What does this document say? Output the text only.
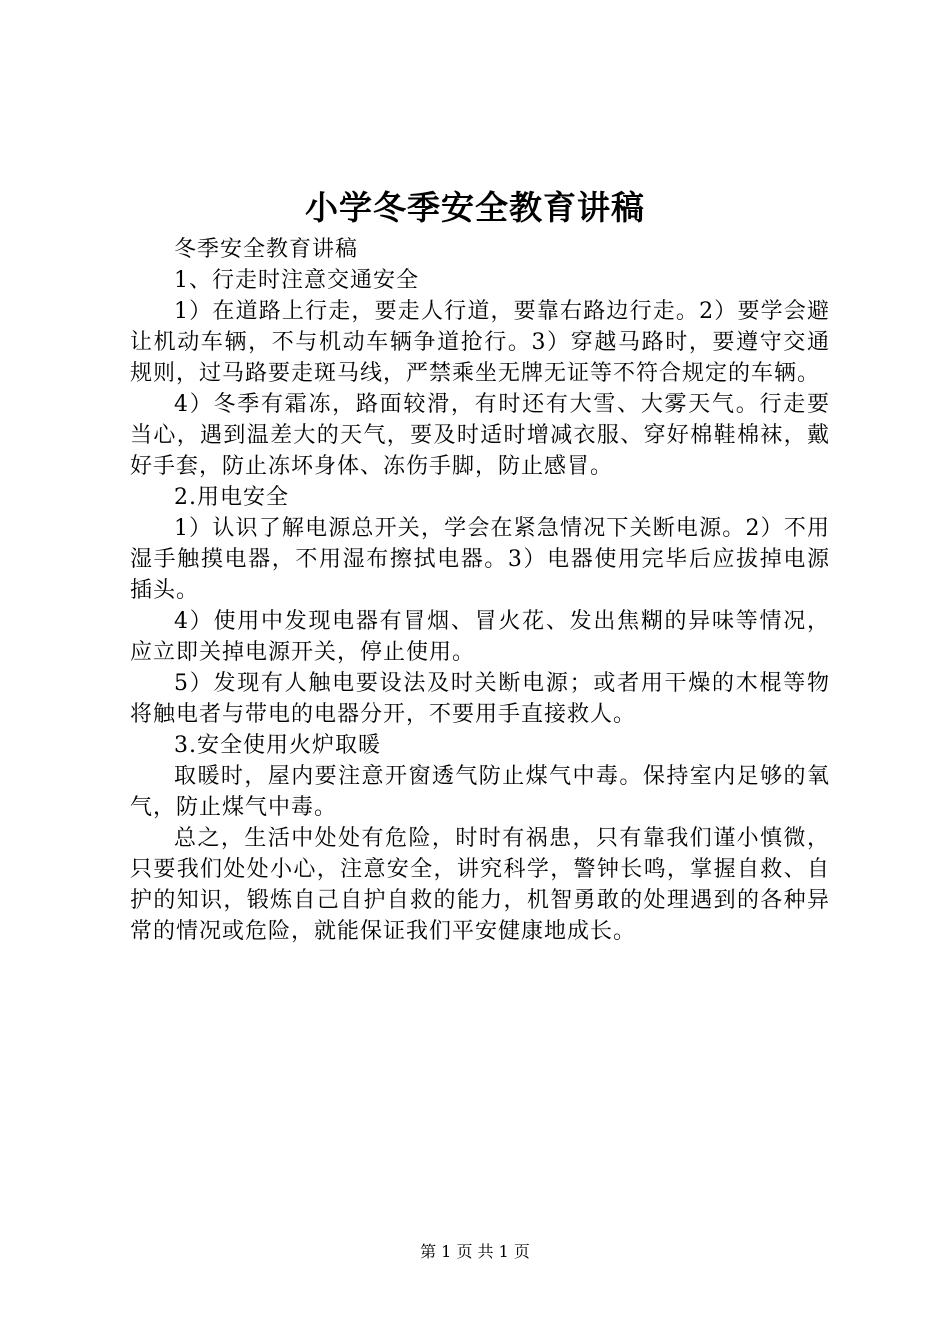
小学冬季安全教育讲稿

冬季安全教育讲稿

1、行走时注意交通安全

1）在道路上行走，要走人行道，要靠右路边行走。2）要学会避让机动车辆，不与机动车辆争道抢行。3）穿越马路时，要遵守交通规则，过马路要走斑马线，严禁乘坐无牌无证等不符合规定的车辆。

4）冬季有霜冻，路面较滑，有时还有大雪、大雾天气。行走要当心，遇到温差大的天气，要及时适时增减衣服、穿好棉鞋棉袜，戴好手套，防止冻坏身体、冻伤手脚，防止感冒。

2.用电安全

1）认识了解电源总开关，学会在紧急情况下关断电源。2）不用湿手触摸电器，不用湿布擦拭电器。3）电器使用完毕后应拔掉电源插头。

4）使用中发现电器有冒烟、冒火花、发出焦糊的异味等情况，应立即关掉电源开关，停止使用。

5）发现有人触电要设法及时关断电源；或者用干燥的木棍等物将触电者与带电的电器分开，不要用手直接救人。

3.安全使用火炉取暖

取暖时，屋内要注意开窗透气防止煤气中毒。保持室内足够的氧气，防止煤气中毒。

总之，生活中处处有危险，时时有祸患，只有靠我们谨小慎微，只要我们处处小心，注意安全，讲究科学，警钟长鸣，掌握自救、自护的知识，锻炼自己自护自救的能力，机智勇敢的处理遇到的各种异常的情况或危险，就能保证我们平安健康地成长。

第 1 页 共 1 页
